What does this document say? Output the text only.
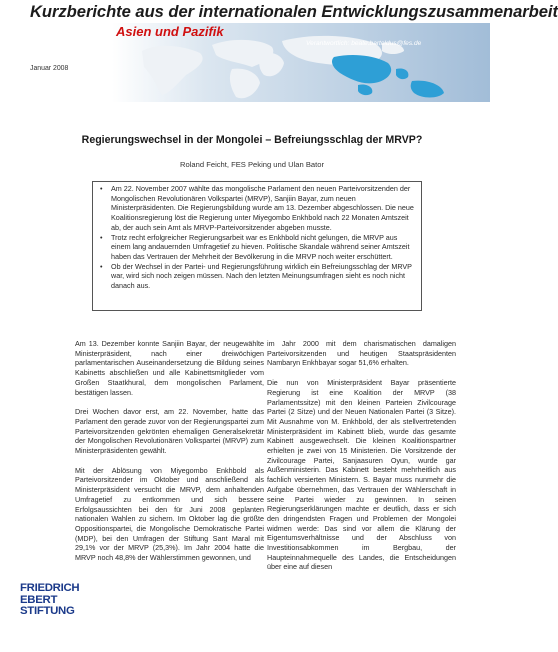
Kurzberichte aus der internationalen Entwicklungszusammenarbeit
Asien und Pazifik
Verantwortlich: beate.bartoldus@fes.de
Januar 2008
Regierungswechsel in der Mongolei – Befreiungsschlag der MRVP?
Roland Feicht, FES Peking und Ulan Bator
• Am 22. November 2007 wählte das mongolische Parlament den neuen Parteivorsitzenden der Mongolischen Revolutionären Volkspartei (MRVP), Sanjiin Bayar, zum neuen Ministerpräsidenten. Die Regierungsbildung wurde am 13. Dezember abgeschlossen. Die neue Koalitionsregierung löst die Regierung unter Miyegombo Enkhbold nach 22 Monaten Amtszeit ab, der auch sein Amt als MRVP-Parteivorsitzender abgeben musste.
• Trotz recht erfolgreicher Regierungsarbeit war es Enkhbold nicht gelungen, die MRVP aus einem lang andauernden Umfragetief zu hieven. Politische Skandale während seiner Amtszeit haben das Vertrauen der Mehrheit der Bevölkerung in die MRVP noch weiter erschüttert.
• Ob der Wechsel in der Partei- und Regierungsführung wirklich ein Befreiungsschlag der MRVP war, wird sich noch zeigen müssen. Nach den letzten Meinungsumfragen sieht es noch nicht danach aus.

Am 13. Dezember konnte Sanjiin Bayar, der neugewählte Ministerpräsident, nach einer dreiwöchigen parlamentarischen Auseinandersetzung die Bildung seines Kabinetts abschließen und alle Kabinettsmitglieder vom Großen Staatkhural, dem mongolischen Parlament, bestätigen lassen.

Drei Wochen davor erst, am 22. November, hatte das Parlament den gerade zuvor von der Regierungspartei zum Parteivorsitzenden gekrönten ehemaligen Generalsekretär der Mongolischen Revolutionären Volkspartei (MRVP) zum Ministerpräsidenten gewählt.

Mit der Ablösung von Miyegombo Enkhbold als Parteivorsitzender im Oktober und anschließend als Ministerpräsident versucht die MRVP, dem anhaltenden Umfragetief zu entkommen und sich bessere Erfolgsaussichten bei den für Juni 2008 geplanten nationalen Wahlen zu sichern. Im Oktober lag die größte Oppositionspartei, die Mongolische Demokratische Partei (MDP), bei den Umfragen der Stiftung Sant Maral mit 29,1% vor der MRVP (25,3%). Im Jahr 2004 hatte die MRVP noch 48,8% der Wählerstimmen gewonnen, und

im Jahr 2000 mit dem charismatischen damaligen Parteivorsitzenden und heutigen Staatspräsidenten Nambaryn Enkhbayar sogar 51,6% erhalten.

Die nun von Ministerpräsident Bayar präsentierte Regierung ist eine Koalition der MRVP (38 Parlamentssitze) mit den kleinen Parteien Zivilcourage Partei (2 Sitze) und der Neuen Nationalen Partei (3 Sitze). Mit Ausnahme von M. Enkhbold, der als stellvertretenden Ministerpräsident im Kabinett blieb, wurde das gesamte Kabinett ausgewechselt. Die kleinen Koalitionspartner erhielten je zwei von 15 Ministerien. Die Vorsitzende der Zivilcourage Partei, Sanjaasuren Oyun, wurde gar Außenministerin. Das Kabinett besteht mehrheitlich aus fachlich versierten Ministern. S. Bayar muss nunmehr die Aufgabe übernehmen, das Vertrauen der Wählerschaft in seine Partei wieder zu gewinnen. In seinen Regierungserklärungen machte er deutlich, dass er sich den dringendsten Fragen und Problemen der Mongolei widmen werde: Das sind vor allem die Klärung der Eigentumsverhältnisse und der Abschluss von Investitionsabkommen im Bergbau, der Haupteinnahmequelle des Landes, die Entscheidungen über eine auf diesen

FRIEDRICH
EBERT
STIFTUNG
